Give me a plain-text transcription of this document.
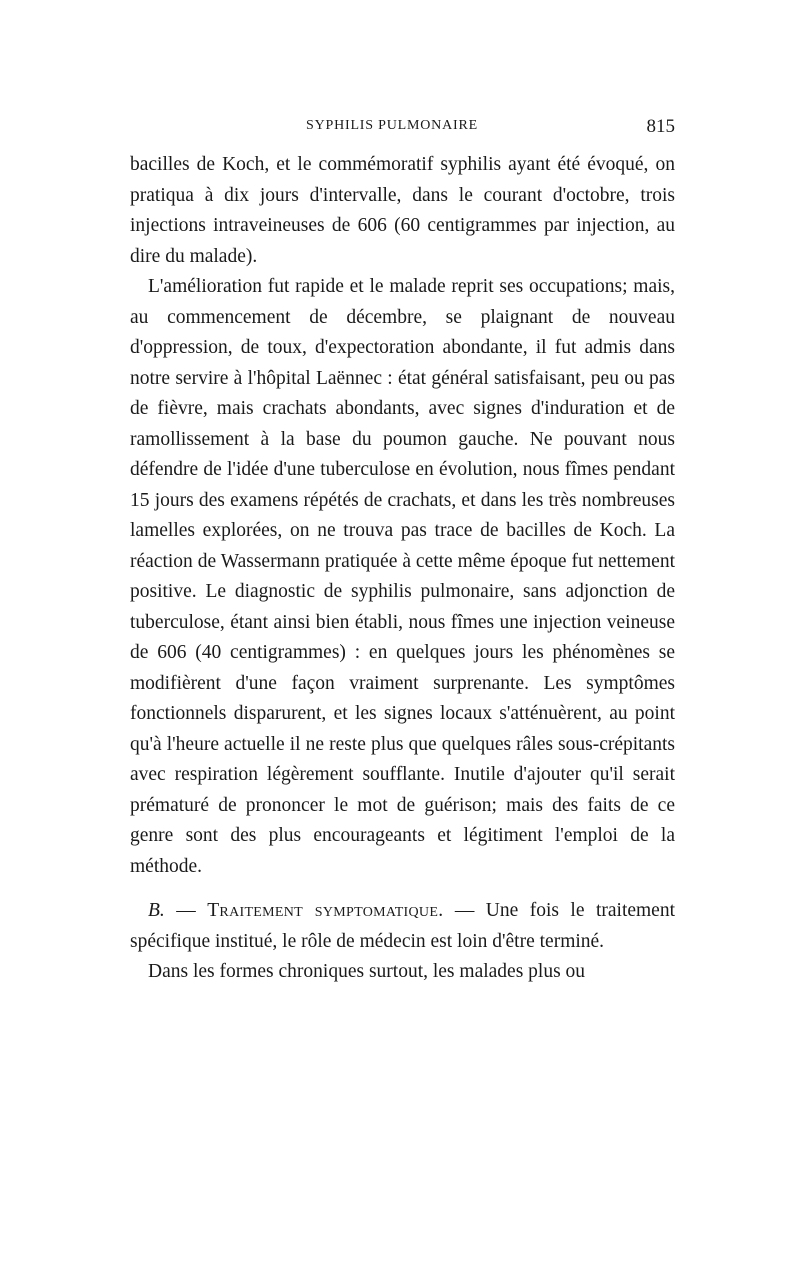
SYPHILIS PULMONAIRE	815

bacilles de Koch, et le commémoratif syphilis ayant été évoqué, on pratiqua à dix jours d'intervalle, dans le courant d'octobre, trois injections intraveineuses de 606 (60 centigrammes par injection, au dire du malade).

L'amélioration fut rapide et le malade reprit ses occupations; mais, au commencement de décembre, se plaignant de nouveau d'oppression, de toux, d'expectoration abondante, il fut admis dans notre servire à l'hôpital Laënnec : état général satisfaisant, peu ou pas de fièvre, mais crachats abondants, avec signes d'induration et de ramollissement à la base du poumon gauche. Ne pouvant nous défendre de l'idée d'une tuberculose en évolution, nous fîmes pendant 15 jours des examens répétés de crachats, et dans les très nombreuses lamelles explorées, on ne trouva pas trace de bacilles de Koch. La réaction de Wassermann pratiquée à cette même époque fut nettement positive. Le diagnostic de syphilis pulmonaire, sans adjonction de tuberculose, étant ainsi bien établi, nous fîmes une injection veineuse de 606 (40 centigrammes) : en quelques jours les phénomènes se modifièrent d'une façon vraiment surprenante. Les symptômes fonctionnels disparurent, et les signes locaux s'atténuèrent, au point qu'à l'heure actuelle il ne reste plus que quelques râles sous-crépitants avec respiration légèrement soufflante. Inutile d'ajouter qu'il serait prématuré de prononcer le mot de guérison; mais des faits de ce genre sont des plus encourageants et légitiment l'emploi de la méthode.

B. — Traitement symptomatique. — Une fois le traitement spécifique institué, le rôle de médecin est loin d'être terminé.

Dans les formes chroniques surtout, les malades plus ou
